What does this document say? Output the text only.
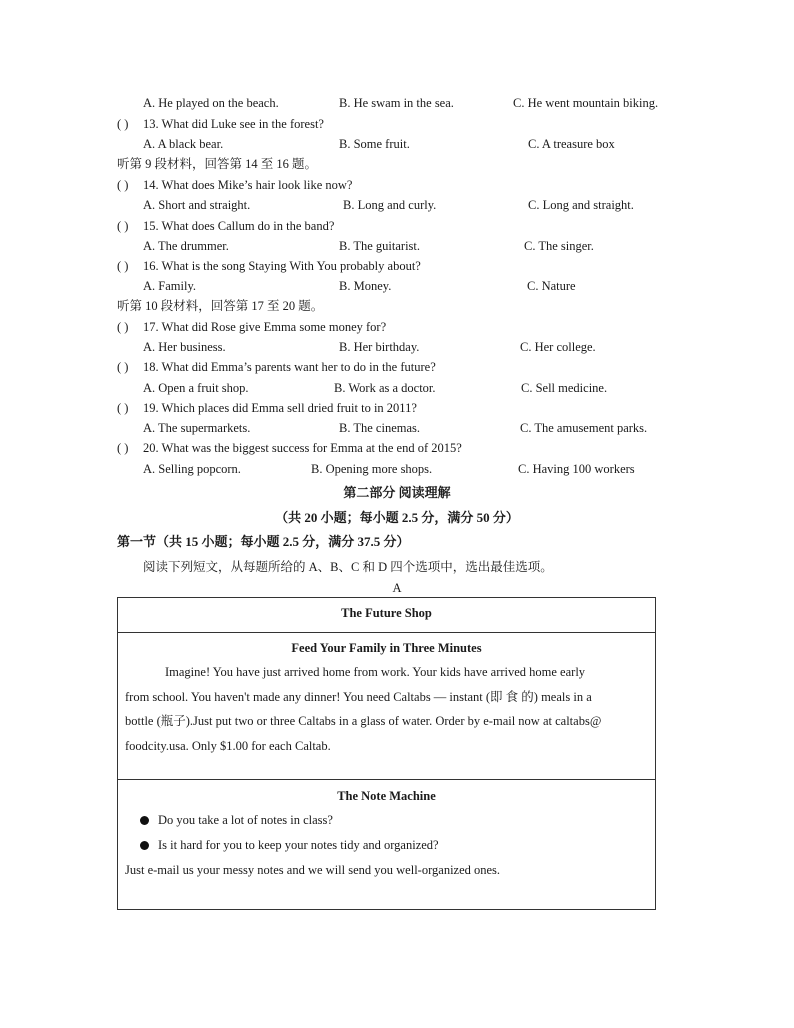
A. He played on the beach.	B. He swam in the sea.	C. He went mountain biking.
( ) 13. What did Luke see in the forest?
A. A black bear.	B. Some fruit.	C. A treasure box
听第 9 段材料，回答第 14 至 16 题。
( ) 14. What does Mike’s hair look like now?
A. Short and straight.	B. Long and curly.	C. Long and straight.
( ) 15. What does Callum do in the band?
A. The drummer.	B. The guitarist.	C. The singer.
( ) 16. What is the song Staying With You probably about?
A. Family.	B. Money.	C. Nature
听第 10 段材料，回答第 17 至 20 题。
( ) 17. What did Rose give Emma some money for?
A. Her business.	B. Her birthday.	C. Her college.
( ) 18. What did Emma’s parents want her to do in the future?
A. Open a fruit shop.	B. Work as a doctor.	C. Sell medicine.
( ) 19. Which places did Emma sell dried fruit to in 2011?
A. The supermarkets.	B. The cinemas.	C. The amusement parks.
( ) 20. What was the biggest success for Emma at the end of 2015?
A. Selling popcorn.	B. Opening more shops.	C. Having 100 workers
第二部分 阅读理解
（共 20 小题；每小题 2.5 分，满分 50 分）
第一节（共 15 小题；每小题 2.5 分，满分 37.5 分）
阅读下列短文，从每题所给的 A、B、C 和 D 四个选项中，选出最佳选项。
A
The Future Shop
Feed Your Family in Three Minutes
Imagine! You have just arrived home from work. Your kids have arrived home early
from school. You haven't made any dinner! You need Caltabs — instant (即 食 的) meals in a
bottle (瓶子).Just put two or three Caltabs in a glass of water. Order by e-mail now at caltabs@
foodcity.usa. Only $1.00 for each Caltab.
The Note Machine
Do you take a lot of notes in class?
Is it hard for you to keep your notes tidy and organized?
Just e-mail us your messy notes and we will send you well-organized ones.
